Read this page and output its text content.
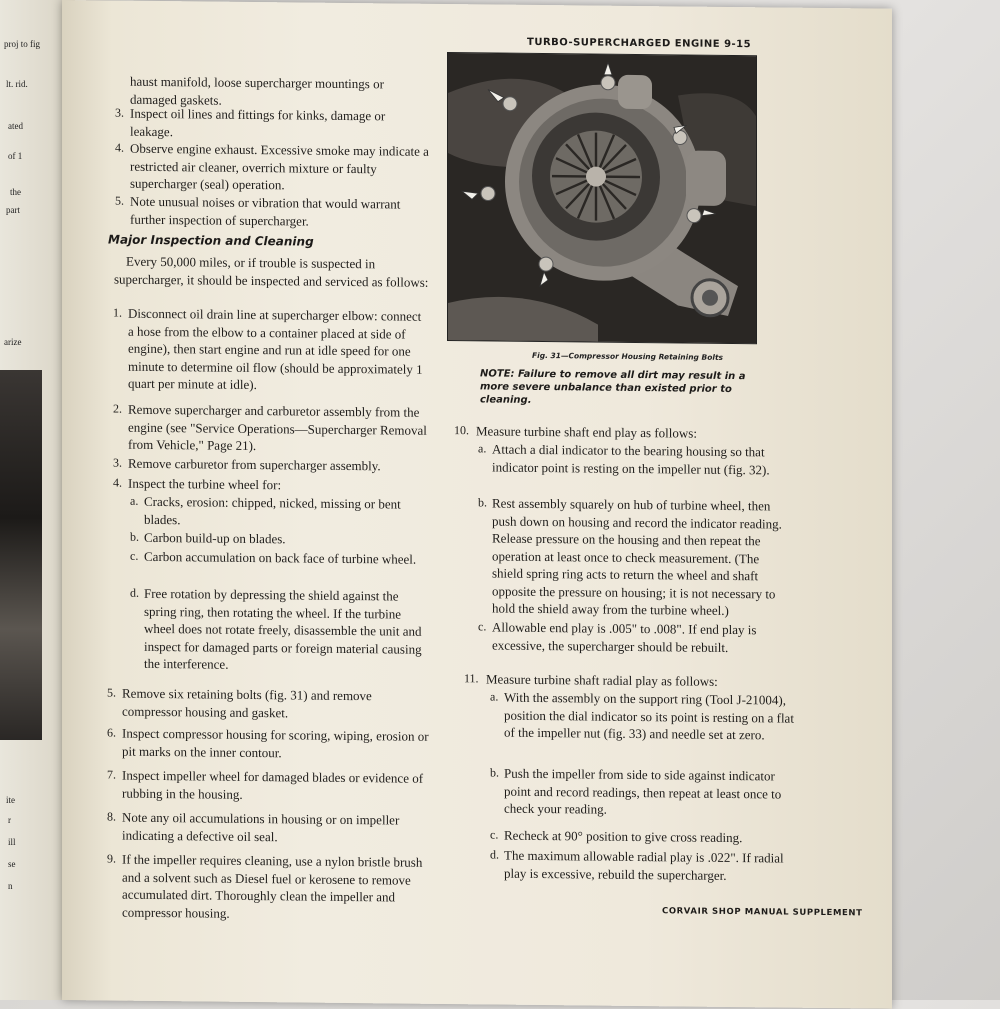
proj to fig
lt. rid.
ated
of 1
the
part
arize
ite
r
ill
se
n
TURBO-SUPERCHARGED ENGINE 9-15
haust manifold, loose supercharger mountings or damaged gaskets.
3. Inspect oil lines and fittings for kinks, damage or leakage.
4. Observe engine exhaust. Excessive smoke may indicate a restricted air cleaner, overrich mixture or faulty supercharger (seal) operation.
5. Note unusual noises or vibration that would warrant further inspection of supercharger.
Major Inspection and Cleaning
Every 50,000 miles, or if trouble is suspected in supercharger, it should be inspected and serviced as follows:
1. Disconnect oil drain line at supercharger elbow: connect a hose from the elbow to a container placed at side of engine), then start engine and run at idle speed for one minute to determine oil flow (should be approximately 1 quart per minute at idle).
2. Remove supercharger and carburetor assembly from the engine (see "Service Operations—Supercharger Removal from Vehicle," Page 21).
3. Remove carburetor from supercharger assembly.
4. Inspect the turbine wheel for:
a. Cracks, erosion: chipped, nicked, missing or bent blades.
b. Carbon build-up on blades.
c. Carbon accumulation on back face of turbine wheel.
d. Free rotation by depressing the shield against the spring ring, then rotating the wheel. If the turbine wheel does not rotate freely, disassemble the unit and inspect for damaged parts or foreign material causing the interference.
5. Remove six retaining bolts (fig. 31) and remove compressor housing and gasket.
6. Inspect compressor housing for scoring, wiping, erosion or pit marks on the inner contour.
7. Inspect impeller wheel for damaged blades or evidence of rubbing in the housing.
8. Note any oil accumulations in housing or on impeller indicating a defective oil seal.
9. If the impeller requires cleaning, use a nylon bristle brush and a solvent such as Diesel fuel or kerosene to remove accumulated dirt. Thoroughly clean the impeller and compressor housing.
Fig. 31—Compressor Housing Retaining Bolts
NOTE: Failure to remove all dirt may result in a more severe unbalance than existed prior to cleaning.
10. Measure turbine shaft end play as follows:
a. Attach a dial indicator to the bearing housing so that indicator point is resting on the impeller nut (fig. 32).
b. Rest assembly squarely on hub of turbine wheel, then push down on housing and record the indicator reading. Release pressure on the housing and then repeat the operation at least once to check measurement. (The shield spring ring acts to return the wheel and shaft opposite the pressure on housing; it is not necessary to hold the shield away from the turbine wheel.)
c. Allowable end play is .005" to .008". If end play is excessive, the supercharger should be rebuilt.
11. Measure turbine shaft radial play as follows:
a. With the assembly on the support ring (Tool J-21004), position the dial indicator so its point is resting on a flat of the impeller nut (fig. 33) and needle set at zero.
b. Push the impeller from side to side against indicator point and record readings, then repeat at least once to check your reading.
c. Recheck at 90° position to give cross reading.
d. The maximum allowable radial play is .022". If radial play is excessive, rebuild the supercharger.
CORVAIR SHOP MANUAL SUPPLEMENT
